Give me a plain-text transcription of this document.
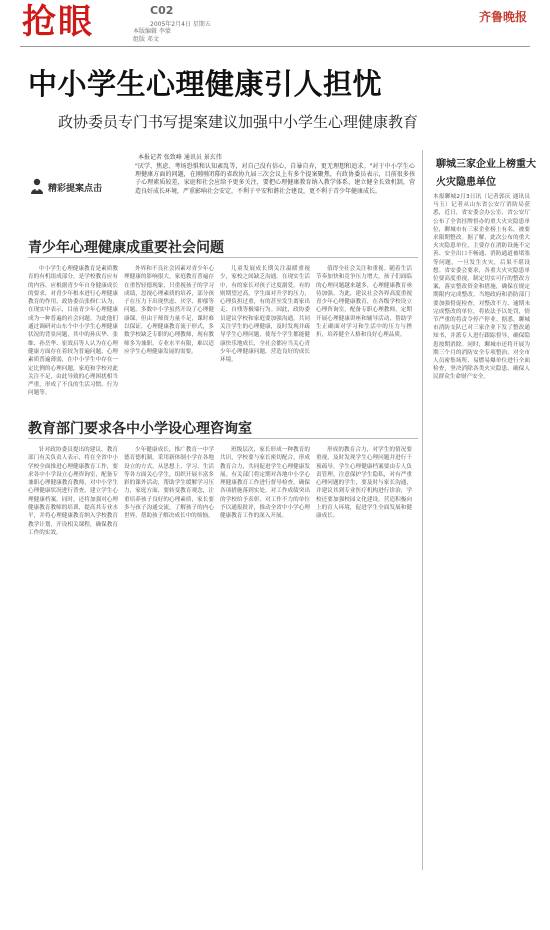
抢眼	C02
2005年2月4日 星期五
本版编辑 李蒙
组版 邓文
齐鲁晚报
中小学生心理健康引人担忧
政协委员专门书写提案建议加强中小学生心理健康教育
本报记者 张致峰 通讯员 景玄伟
"厌学、焦虑、考场恐惧和认知紊乱等，对自己没有信心，自暴自弃，更无理想和追求。"对于中小学生心理健康方面的问题，在刚刚闭幕的省政协九届三次会议上有多个提案聚焦，有政协委员表示，目前很多孩子心理素质较差，家庭和社会应给予更多关注，要把心理健康教育纳入教学体系，建立健全长效机制，营造良好成长环境，严重影响社会安定，不利于平安和谐社会建设，更不利于青少年健康成长。
精彩提案点击
青少年心理健康成重要社会问题
中小学生心理健康教育是素质教育的有机组成部分，是学校教育应有的内容。应根据青少年自身健康成长的要求，对青少年根本进行心理健康教育的作用，政协委员张修仁认为，在现实中表示，目前青少年心理健康成为一种普遍的社会问题。为此他们通过调研对山东个中小学生心理健康状况的背景问题，其中的孙庆华、张维、孙岳华、崔效启等人认为在心理健康方面存在着较为普遍问题，心理素质普遍薄弱，在中小学生中存在一定比例的心理问题，家庭和学校对此关注不足，由此导致的心理困扰相当严重，形成了不良的生活习惯、行为问题等。
外界和不良社会因素对青少年心理健康的影响很大，家庭教育普遍存在重智轻德现象，只重视孩子的学习成绩，忽视心理素质的培养，部分孩子在压力下出现焦虑、厌学、抑郁等问题。多数中小学虽然开设了心理健康课，但由于师资力量不足，课时难以保证，心理健康教育流于形式，多数学校缺乏专职的心理教师，现有教师多为兼职，专业水平有限，难以适应学生心理健康发展的需要。
儿童发展成长期关注温暖重视少，家校之间缺乏沟通。在现实生活中，有的家长对孩子过度溺爱，有的则期望过高，学生面对升学的压力，心理负担过重，有的甚至发生离家出走、自残等极端行为。因此，政协委员建议学校和家庭要加强沟通，共同关注学生的心理健康，及时发现并疏导学生心理问题，使每个学生都能健康快乐地成长，全社会都应当关心青少年心理健康问题，营造良好的成长环境。
值得全社会关注和重视。随着生活节奏加快和竞争压力增大，孩子们面临的心理问题越来越多，心理健康教育亟待加强。为此，建议社会各界高度重视青少年心理健康教育，在各级学校设立心理咨询室，配备专职心理教师，定期开展心理健康讲座和辅导活动，帮助学生正确面对学习和生活中的压力与挫折，培养健全人格和良好心理品质。
教育部门要求各中小学设心理咨询室
针对政协委员提出的建议，教育部门有关负责人表示，将在全省中小学校全面推进心理健康教育工作，要求各中小学设立心理咨询室，配备专兼职心理健康教育教师，对中小学生心理健康状况进行普查，建立学生心理健康档案。同时，还将加强对心理健康教育教师的培训，提高其专业水平，并将心理健康教育纳入学校教育教学计划，开设相关课程，确保教育工作的实效。
少年健康成长，推广教育一中学德育德机制，采用新体制小学在各地设立的方式，从思想上、学习、生活等各方面关心学生，组织开展丰富多彩的课外活动，帮助学生缓解学习压力，家庭方面，要转变教育观念，注重培养孩子良好的心理素质，家长要多与孩子沟通交流，了解孩子的内心世界，帮助孩子解决成长中的烦恼。
班级层次，家长形成一种教育的共识，学校要与家长密切配合，形成教育合力，共同促进学生心理健康发展。有关部门将定期对各地中小学心理健康教育工作进行督导检查，确保各项措施落到实处，对工作成绩突出的学校给予表彰，对工作不力的单位予以通报批评，推动全省中小学心理健康教育工作的深入开展。
形成的教育合力，对学生的情况要重视，及时发现学生心理问题并进行干预疏导，学生心理健康档案要由专人负责管理，注意保护学生隐私，对有严重心理问题的学生，要及时与家长沟通，并建议其到专业医疗机构进行诊治，学校还要加强校园文化建设，营造积极向上的育人环境，促进学生全面发展和健康成长。
聊城三家企业上榜重大火灾隐患单位
本报聊城2月3日讯（记者郭庆 通讯员 马玉）记者从山东省公安厅消防局获悉，近日，省安委会办公室、省公安厅公布了全省挂牌督办的重大火灾隐患单位，聊城市有三家企业榜上有名，被要求限期整改。据了解，此次公布的重大火灾隐患单位，主要存在消防设施不完善、安全出口不畅通、消防通道被堵塞等问题，一旦发生火灾，后果不堪设想。省安委会要求，各重大火灾隐患单位要高度重视，制定切实可行的整改方案，落实整改资金和措施，确保在规定期限内完成整改。当地政府和消防部门要加强督促检查，对整改不力、逾期未完成整改的单位，将依法予以处罚，情节严重的将责令停产停业。据悉，聊城市消防支队已对三家企业下发了整改通知书，并派专人进行跟踪督导，确保隐患按期消除。同时，聊城市还将开展为期三个月的消防安全专项整治，对全市人员密集场所、易燃易爆单位进行全面检查，坚决消除各类火灾隐患，确保人民群众生命财产安全。
